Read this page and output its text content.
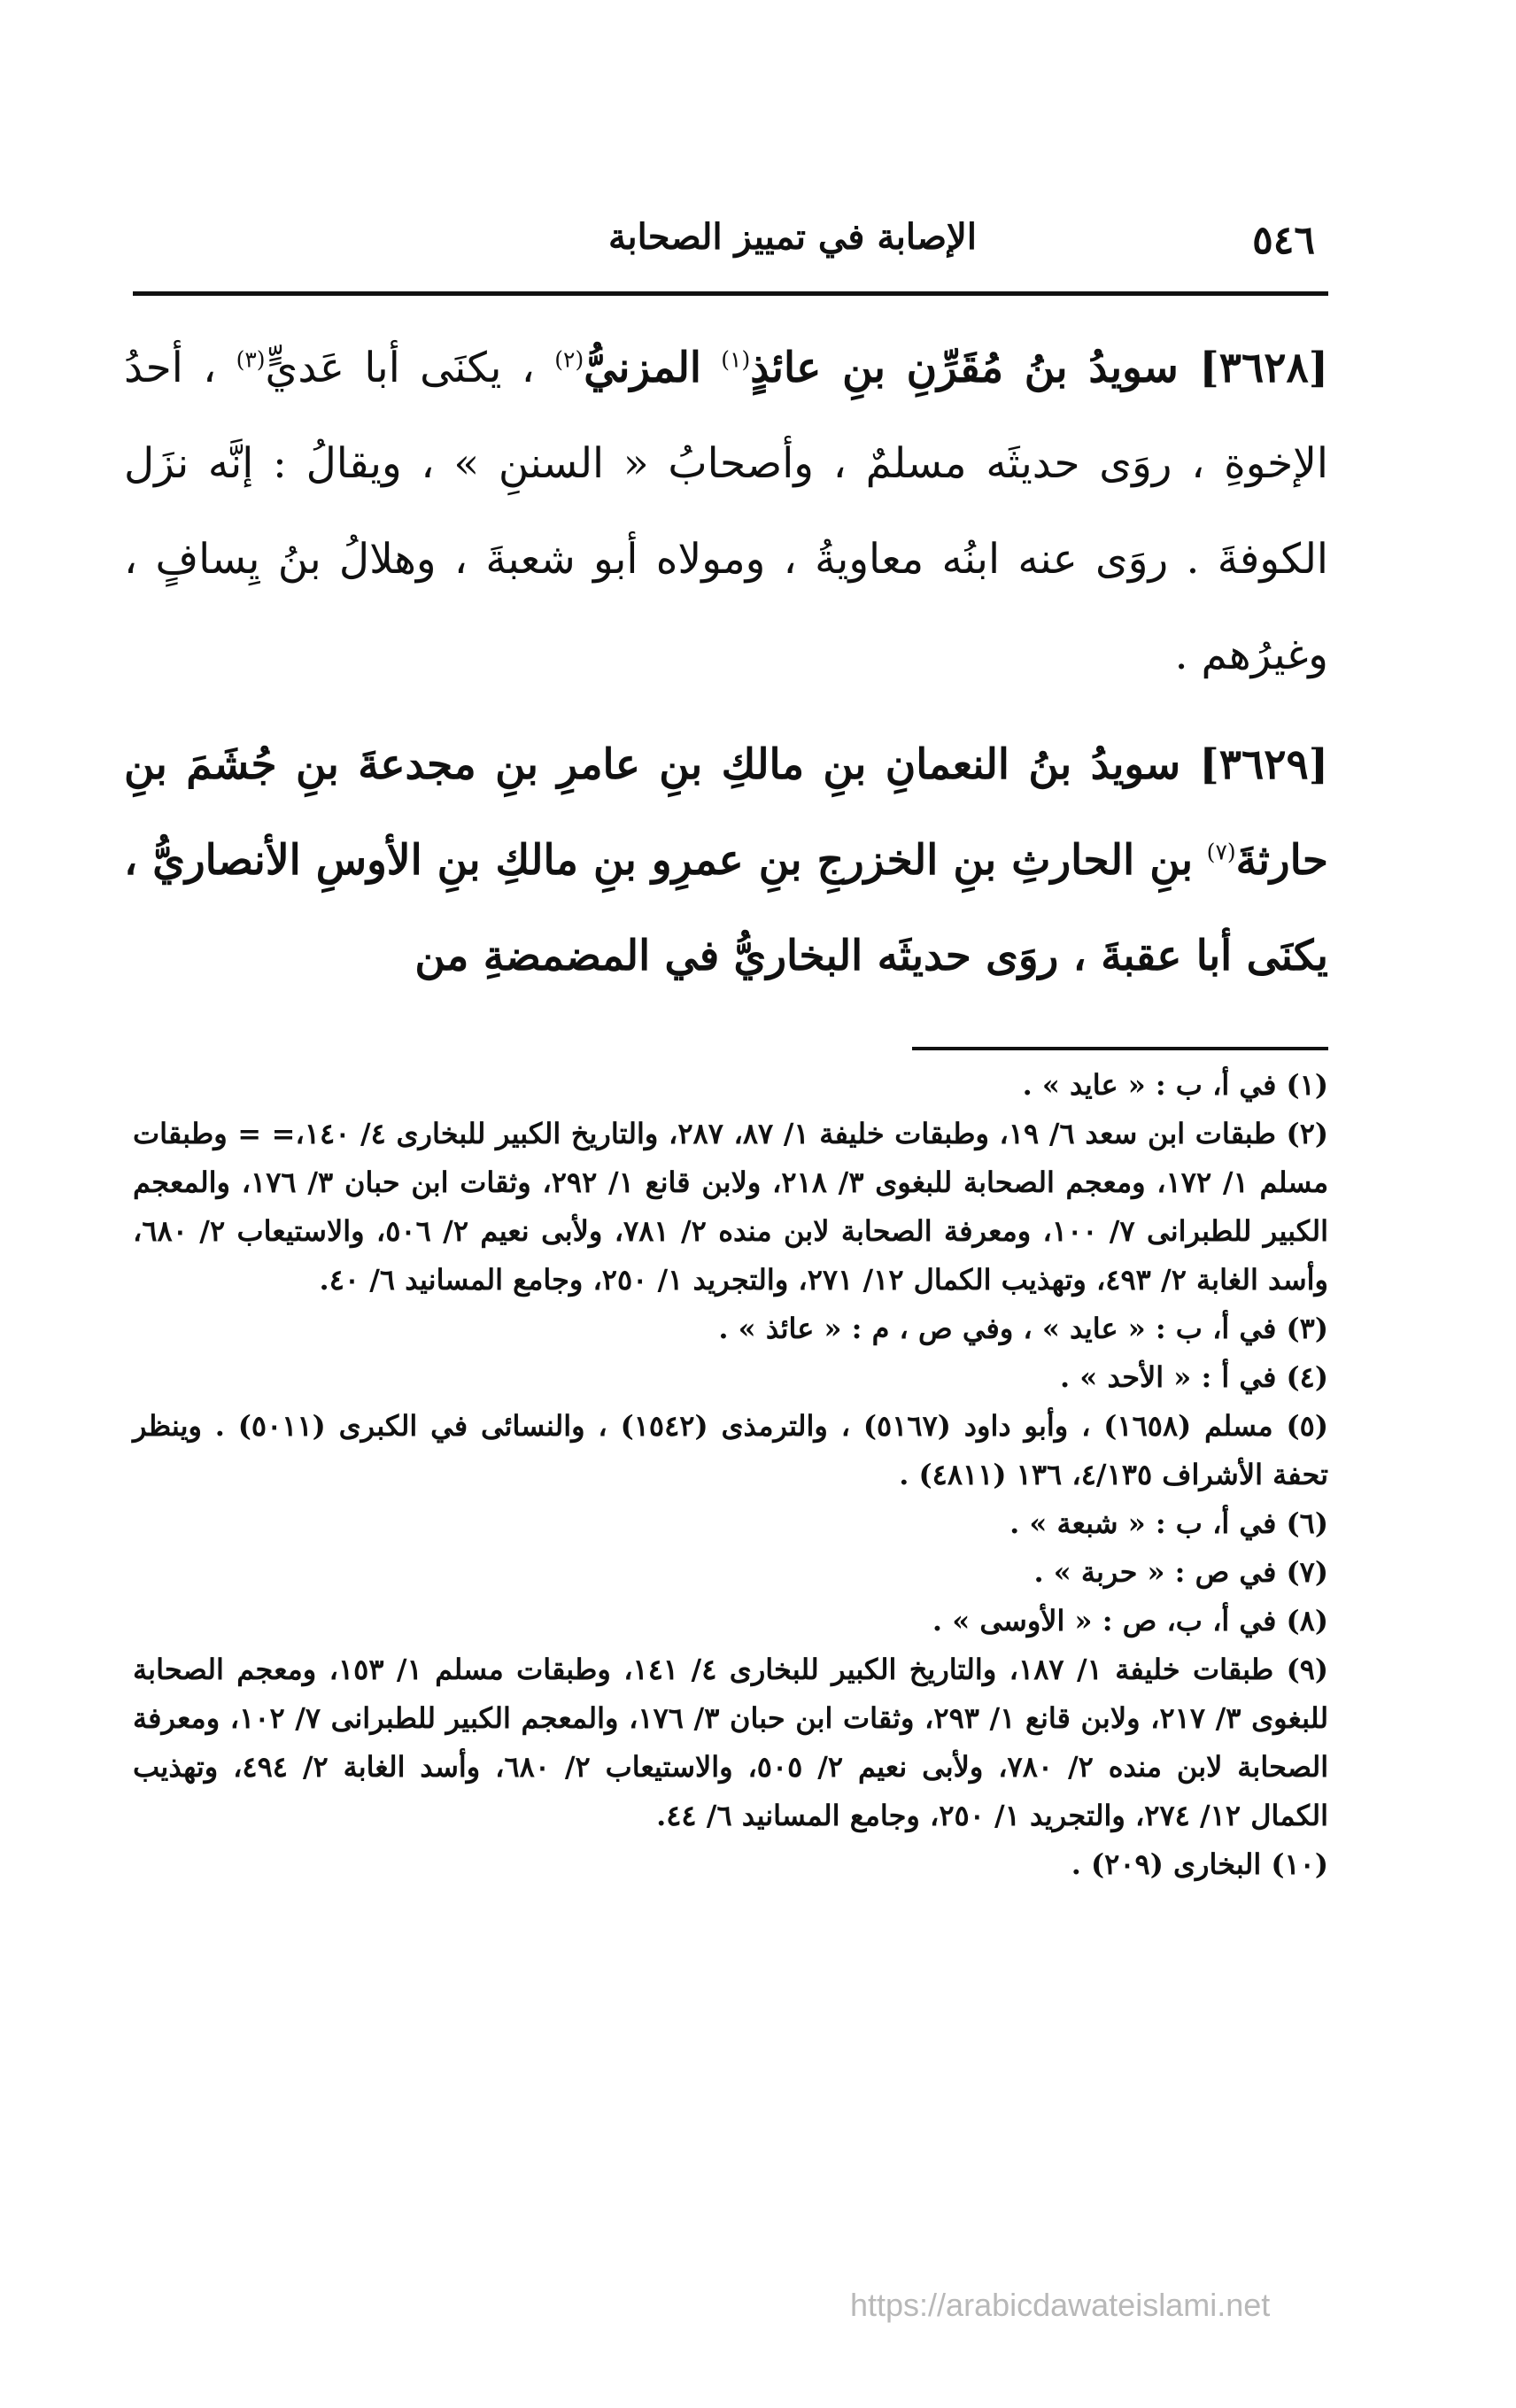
٥٤٦
الإصابة في تمييز الصحابة

[٣٦٢٨] سويدُ بنُ مُقَرِّنِ بنِ عائذٍ$^{(١)}$ المزنيُّ$^{(٢)}$ ، يكنَى أبا عَديٍّ$^{(٣)}$ ، أحدُ الإخوةِ ، روَى حديثَه مسلمٌ ، وأصحابُ « السننِ » ، ويقالُ : إنَّه نزَل الكوفةَ . روَى عنه ابنُه معاويةُ ، ومولاه أبو شعبةَ ، وهلالُ بنُ يِسافٍ ، وغيرُهم .

[٣٦٢٩] سويدُ بنُ النعمانِ بنِ مالكِ بنِ عامرِ بنِ مجدعةَ بنِ جُشَمَ بنِ حارثةَ$^{(٧)}$ بنِ الحارثِ بنِ الخزرجِ بنِ عمرِو بنِ مالكِ بنِ الأوسِ الأنصاريُّ ، يكنَى أبا عقبةَ ، روَى حديثَه البخاريُّ في المضمضةِ من

(١) في أ، ب : « عايد » .

(٢) طبقات ابن سعد ٦/ ١٩، وطبقات خليفة ١/ ٨٧، ٢٨٧، والتاريخ الكبير للبخارى ٤/ ١٤٠،= = وطبقات مسلم ١/ ١٧٢، ومعجم الصحابة للبغوى ٣/ ٢١٨، ولابن قانع ١/ ٢٩٢، وثقات ابن حبان ٣/ ١٧٦، والمعجم الكبير للطبرانى ٧/ ١٠٠، ومعرفة الصحابة لابن منده ٢/ ٧٨١، ولأبى نعيم ٢/ ٥٠٦، والاستيعاب ٢/ ٦٨٠، وأسد الغابة ٢/ ٤٩٣، وتهذيب الكمال ١٢/ ٢٧١، والتجريد ١/ ٢٥٠، وجامع المسانيد ٦/ ٤٠.

(٣) في أ، ب : « عايد » ، وفي ص ، م : « عائذ » .

(٤) في أ : « الأحد » .

(٥) مسلم (١٦٥٨) ، وأبو داود (٥١٦٧) ، والترمذى (١٥٤٢) ، والنسائى في الكبرى (٥٠١١) . وينظر تحفة الأشراف ٤/١٣٥، ١٣٦ (٤٨١١) .

(٦) في أ، ب : « شبعة » .

(٧) في ص : « حربة » .

(٨) في أ، ب، ص : « الأوسى » .

(٩) طبقات خليفة ١/ ١٨٧، والتاريخ الكبير للبخارى ٤/ ١٤١، وطبقات مسلم ١/ ١٥٣، ومعجم الصحابة للبغوى ٣/ ٢١٧، ولابن قانع ١/ ٢٩٣، وثقات ابن حبان ٣/ ١٧٦، والمعجم الكبير للطبرانى ٧/ ١٠٢، ومعرفة الصحابة لابن منده ٢/ ٧٨٠، ولأبى نعيم ٢/ ٥٠٥، والاستيعاب ٢/ ٦٨٠، وأسد الغابة ٢/ ٤٩٤، وتهذيب الكمال ١٢/ ٢٧٤، والتجريد ١/ ٢٥٠، وجامع المسانيد ٦/ ٤٤.

(١٠) البخارى (٢٠٩) .

https://arabicdawateislami.net
